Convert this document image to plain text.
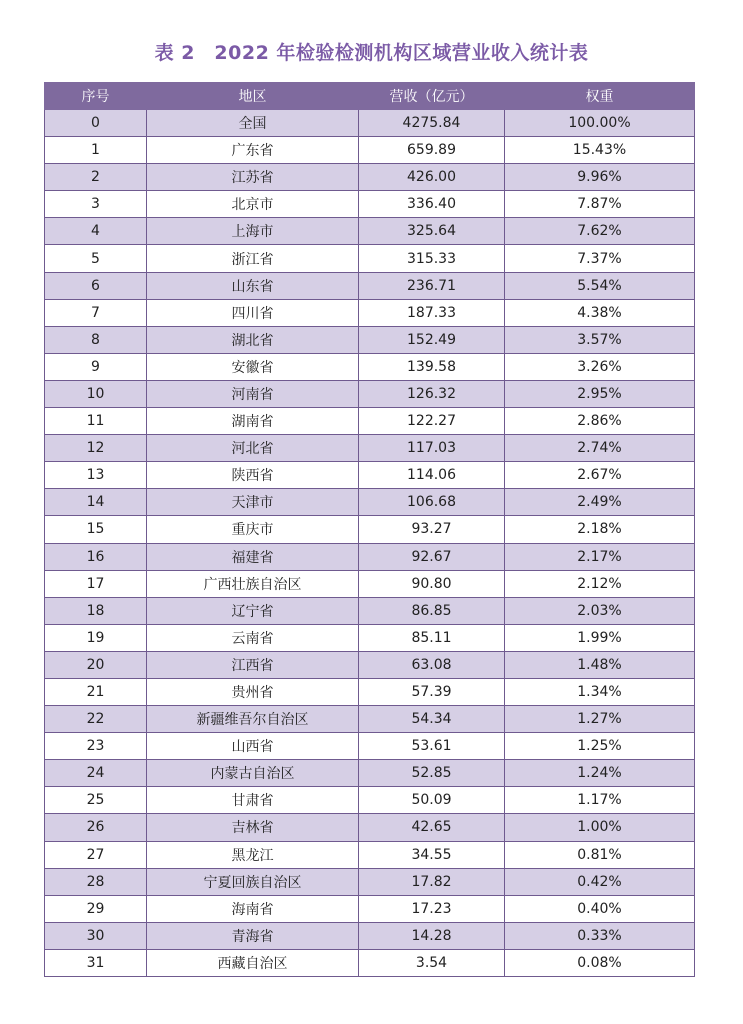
表 2　2022 年检验检测机构区域营业收入统计表
序号	地区	营收（亿元）	权重
0	全国	4275.84	100.00%
1	广东省	659.89	15.43%
2	江苏省	426.00	9.96%
3	北京市	336.40	7.87%
4	上海市	325.64	7.62%
5	浙江省	315.33	7.37%
6	山东省	236.71	5.54%
7	四川省	187.33	4.38%
8	湖北省	152.49	3.57%
9	安徽省	139.58	3.26%
10	河南省	126.32	2.95%
11	湖南省	122.27	2.86%
12	河北省	117.03	2.74%
13	陕西省	114.06	2.67%
14	天津市	106.68	2.49%
15	重庆市	93.27	2.18%
16	福建省	92.67	2.17%
17	广西壮族自治区	90.80	2.12%
18	辽宁省	86.85	2.03%
19	云南省	85.11	1.99%
20	江西省	63.08	1.48%
21	贵州省	57.39	1.34%
22	新疆维吾尔自治区	54.34	1.27%
23	山西省	53.61	1.25%
24	内蒙古自治区	52.85	1.24%
25	甘肃省	50.09	1.17%
26	吉林省	42.65	1.00%
27	黑龙江	34.55	0.81%
28	宁夏回族自治区	17.82	0.42%
29	海南省	17.23	0.40%
30	青海省	14.28	0.33%
31	西藏自治区	3.54	0.08%
